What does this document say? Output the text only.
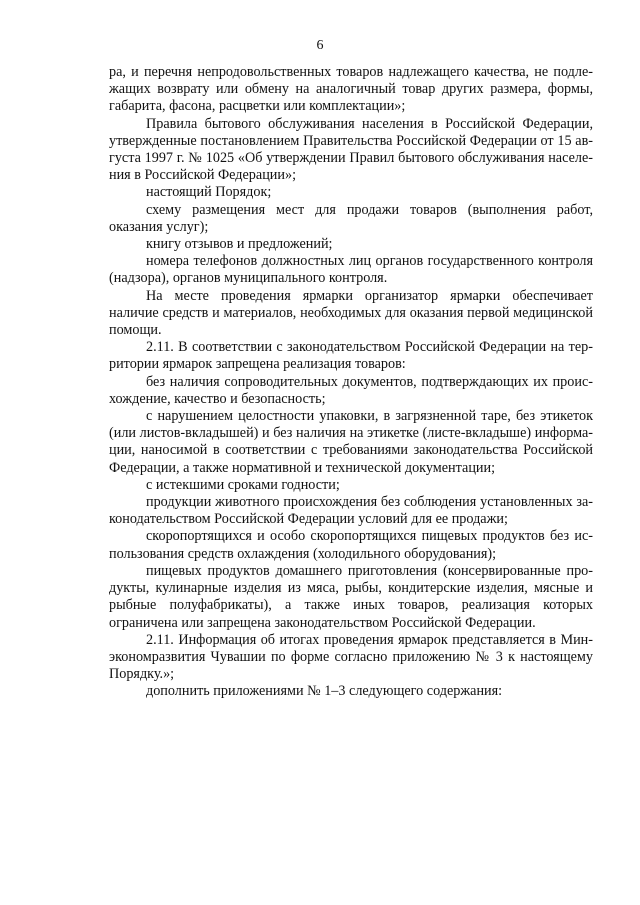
6

ра, и перечня непродовольственных товаров надлежащего качества, не подлежащих возврату или обмену на аналогичный товар других размера, формы, габарита, фасона, расцветки или комплектации»;

Правила бытового обслуживания населения в Российской Федерации, утвержденные постановлением Правительства Российской Федерации от 15 августа 1997 г. № 1025 «Об утверждении Правил бытового обслуживания населения в Российской Федерации»;

настоящий Порядок;

схему размещения мест для продажи товаров (выполнения работ, оказания услуг);

книгу отзывов и предложений;

номера телефонов должностных лиц органов государственного контроля (надзора), органов муниципального контроля.

На месте проведения ярмарки организатор ярмарки обеспечивает наличие средств и материалов, необходимых для оказания первой медицинской помощи.

2.11. В соответствии с законодательством Российской Федерации на территории ярмарок запрещена реализация товаров:

без наличия сопроводительных документов, подтверждающих их происхождение, качество и безопасность;

с нарушением целостности упаковки, в загрязненной таре, без этикеток (или листов-вкладышей) и без наличия на этикетке (листе-вкладыше) информации, наносимой в соответствии с требованиями законодательства Российской Федерации, а также нормативной и технической документации;

с истекшими сроками годности;

продукции животного происхождения без соблюдения установленных законодательством Российской Федерации условий для ее продажи;

скоропортящихся и особо скоропортящихся пищевых продуктов без использования средств охлаждения (холодильного оборудования);

пищевых продуктов домашнего приготовления (консервированные продукты, кулинарные изделия из мяса, рыбы, кондитерские изделия, мясные и рыбные полуфабрикаты), а также иных товаров, реализация которых ограничена или запрещена законодательством Российской Федерации.

2.11. Информация об итогах проведения ярмарок представляется в Минэкономразвития Чувашии по форме согласно приложению № 3 к настоящему Порядку.»;

дополнить приложениями № 1–3 следующего содержания:
